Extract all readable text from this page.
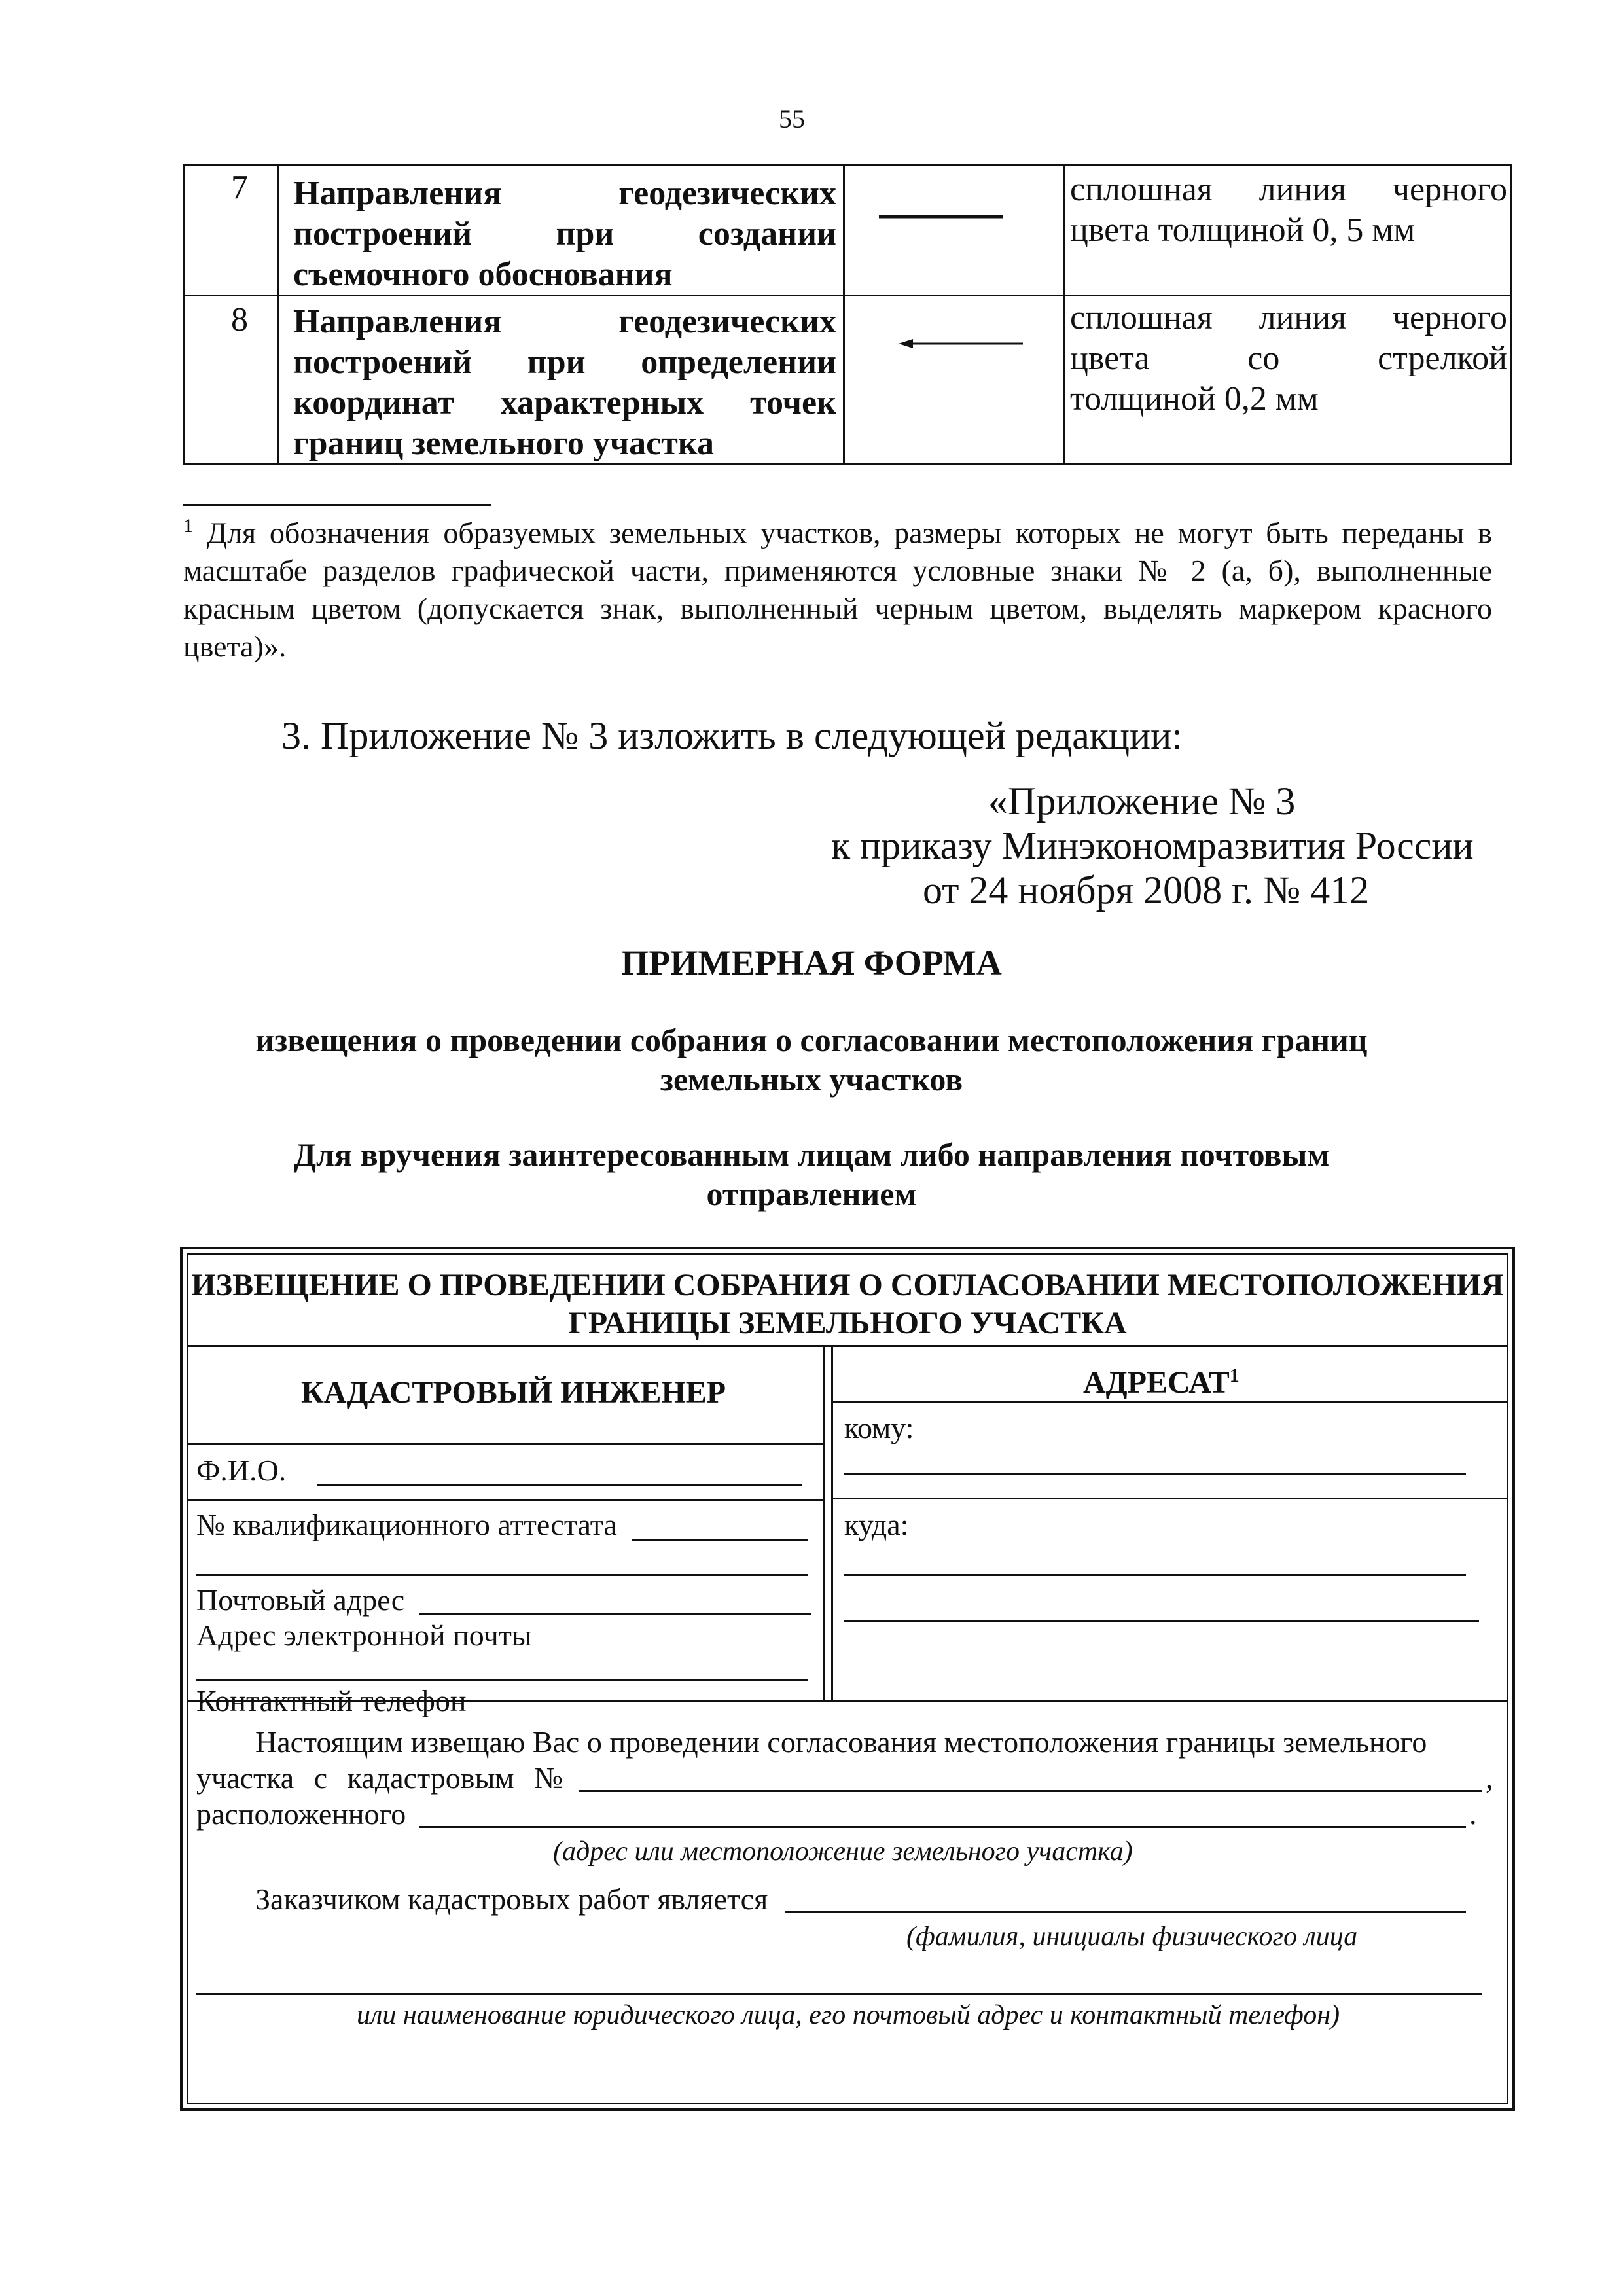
55
7 Направления геодезических
построений при создании
съемочного обоснования
сплошная линия черного
цвета толщиной 0, 5 мм
8 Направления геодезических
построений при определении
координат характерных точек
границ земельного участка
сплошная линия черного
цвета со стрелкой
толщиной 0,2 мм
$^1$ Для обозначения образуемых земельных участков, размеры которых не могут быть переданы в масштабе разделов графической части, применяются условные знаки № 2 (а, б), выполненные красным цветом (допускается знак, выполненный черным цветом, выделять маркером красного цвета)».
3. Приложение № 3 изложить в следующей редакции:
«Приложение № 3
к приказу Минэкономразвития России
от 24 ноября 2008 г. № 412
ПРИМЕРНАЯ ФОРМА
извещения о проведении собрания о согласовании местоположения границ
земельных участков
Для вручения заинтересованным лицам либо направления почтовым
отправлением
ИЗВЕЩЕНИЕ О ПРОВЕДЕНИИ СОБРАНИЯ О СОГЛАСОВАНИИ МЕСТОПОЛОЖЕНИЯ
ГРАНИЦЫ ЗЕМЕЛЬНОГО УЧАСТКА
КАДАСТРОВЫЙ ИНЖЕНЕР
Ф.И.О.
№ квалификационного аттестата
Почтовый адрес
Адрес электронной почты
Контактный телефон
АДРЕСАТ$^1$
кому:
куда:
Настоящим извещаю Вас о проведении согласования местоположения границы земельного
участка с кадастровым №	,
расположенного	.
(адрес или местоположение земельного участка)
Заказчиком кадастровых работ является
(фамилия, инициалы физического лица
или наименование юридического лица, его почтовый адрес и контактный телефон)
